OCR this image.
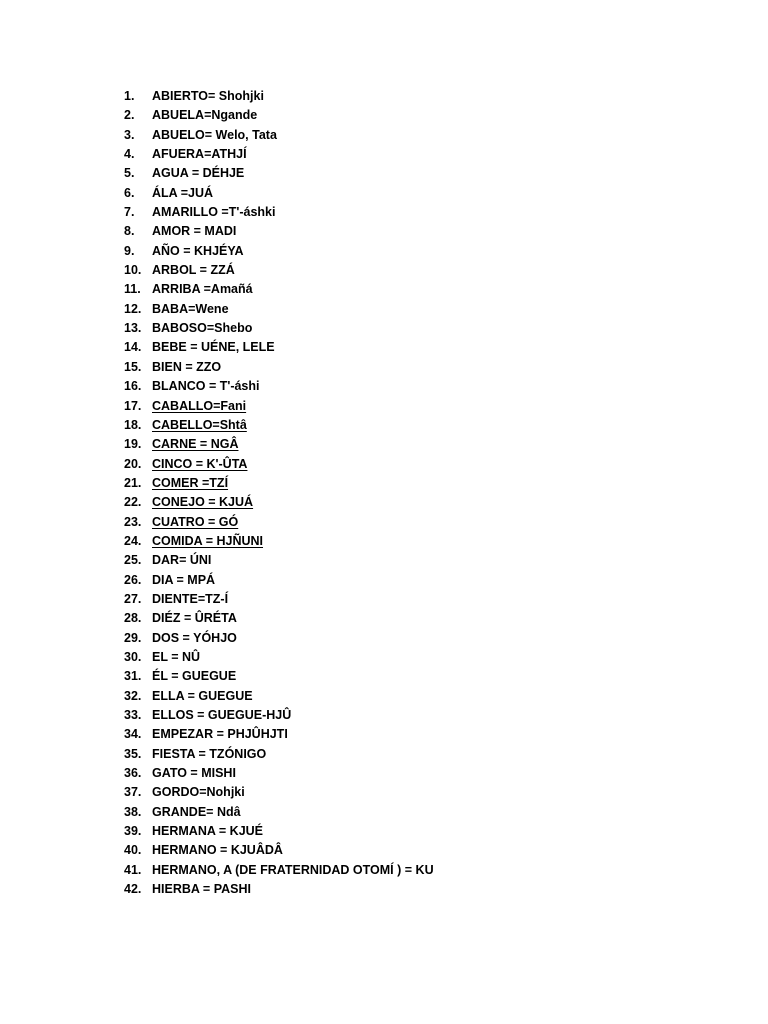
1.	ABIERTO= Shohjki
2.	ABUELA=Ngande
3.	ABUELO= Welo, Tata
4.	AFUERA=ATHJÍ
5.	AGUA = DÉHJE
6.	ÁLA =JUÁ
7.	AMARILLO =T'-áshki
8.	AMOR = MADI
9.	AÑO = KHJÉYA
10. ARBOL = ZZÁ
11. ARRIBA =Amañá
12. BABA=Wene
13. BABOSO=Shebo
14. BEBE = UÉNE, LELE
15. BIEN = ZZO
16. BLANCO = T'-áshi
17. CABALLO=Fani
18. CABELLO=Shtâ
19. CARNE = NGÂ
20. CINCO = K'-ÛTA
21. COMER =TZÍ
22. CONEJO = KJUÁ
23. CUATRO = GÓ
24. COMIDA = HJÑUNI
25. DAR= ÚNI
26. DIA = MPÁ
27. DIENTE=TZ-Í
28. DIÉZ = ÛRÉTA
29. DOS = YÓHJO
30. EL = NÛ
31. ÉL = GUEGUE
32. ELLA = GUEGUE
33. ELLOS = GUEGUE-HJÛ
34. EMPEZAR = PHJÛHJTI
35. FIESTA = TZÓNIGO
36. GATO = MISHI
37. GORDO=Nohjki
38. GRANDE= Ndâ
39. HERMANA = KJUÉ
40. HERMANO = KJUÂDÂ
41. HERMANO, A (DE FRATERNIDAD OTOMÍ ) = KU
42. HIERBA = PASHI
